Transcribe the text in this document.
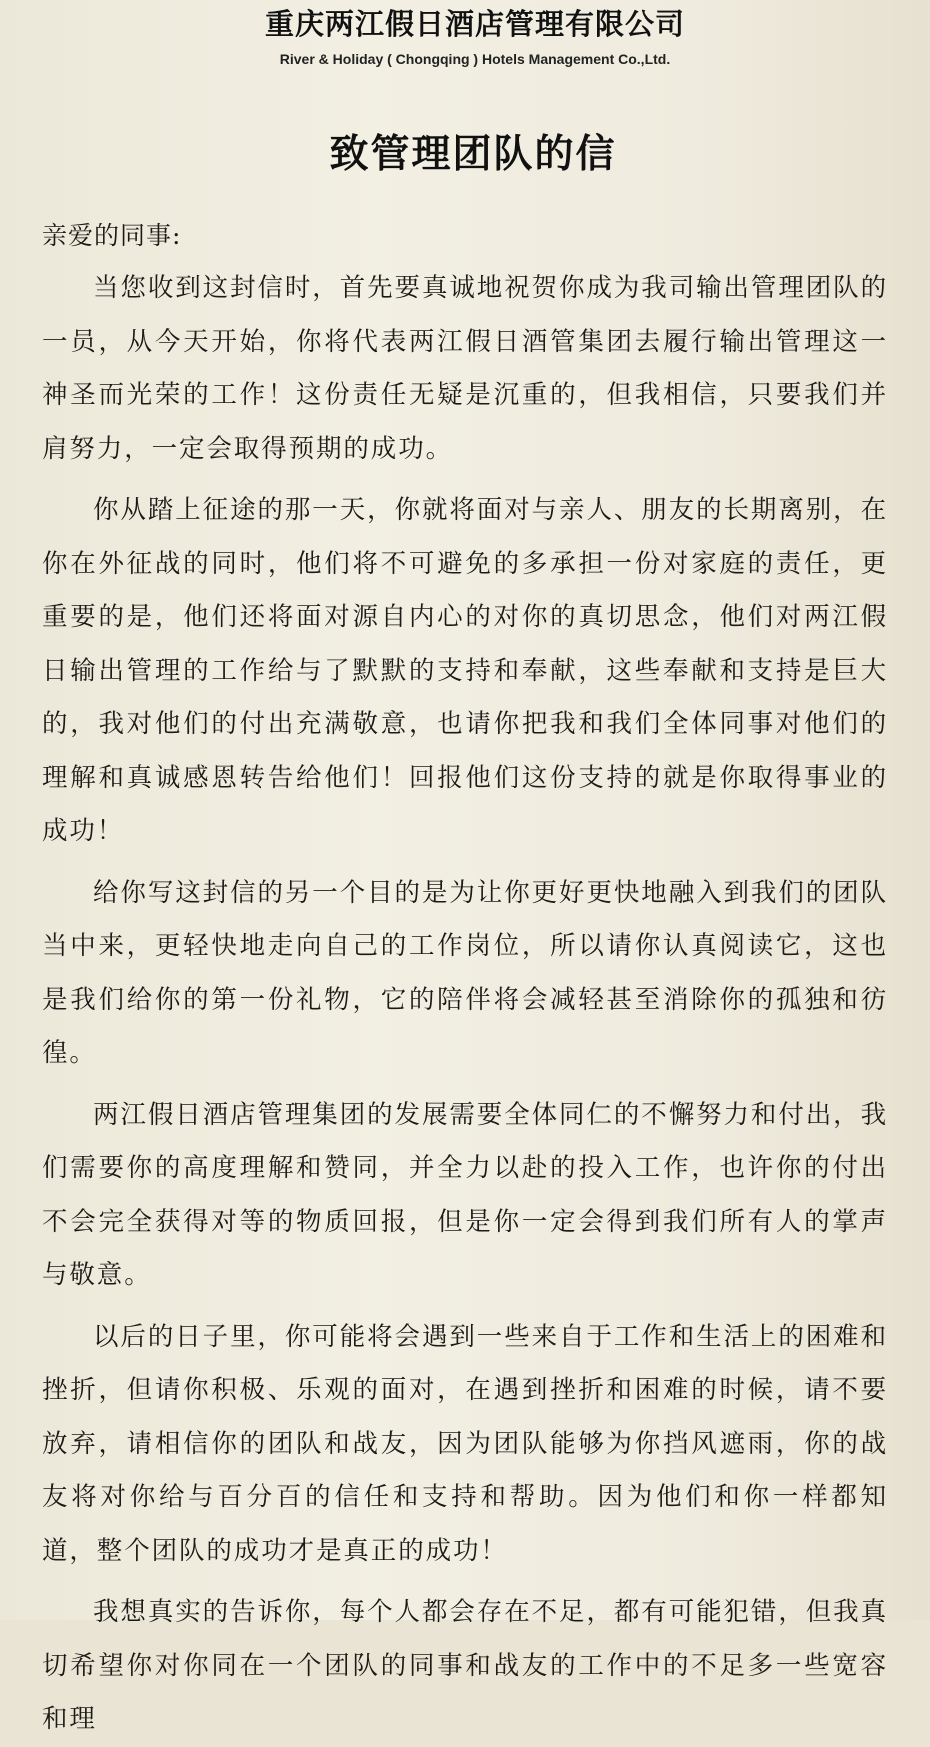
重庆两江假日酒店管理有限公司
River & Holiday ( Chongqing ) Hotels Management Co.,Ltd.
致管理团队的信
亲爱的同事:

当您收到这封信时，首先要真诚地祝贺你成为我司输出管理团队的一员，从今天开始，你将代表两江假日酒管集团去履行输出管理这一神圣而光荣的工作！这份责任无疑是沉重的，但我相信，只要我们并肩努力，一定会取得预期的成功。

你从踏上征途的那一天，你就将面对与亲人、朋友的长期离别，在你在外征战的同时，他们将不可避免的多承担一份对家庭的责任，更重要的是，他们还将面对源自内心的对你的真切思念，他们对两江假日输出管理的工作给与了默默的支持和奉献，这些奉献和支持是巨大的，我对他们的付出充满敬意，也请你把我和我们全体同事对他们的理解和真诚感恩转告给他们！回报他们这份支持的就是你取得事业的成功！

给你写这封信的另一个目的是为让你更好更快地融入到我们的团队当中来，更轻快地走向自己的工作岗位，所以请你认真阅读它，这也是我们给你的第一份礼物，它的陪伴将会减轻甚至消除你的孤独和彷徨。

两江假日酒店管理集团的发展需要全体同仁的不懈努力和付出，我们需要你的高度理解和赞同，并全力以赴的投入工作，也许你的付出不会完全获得对等的物质回报，但是你一定会得到我们所有人的掌声与敬意。

以后的日子里，你可能将会遇到一些来自于工作和生活上的困难和挫折，但请你积极、乐观的面对，在遇到挫折和困难的时候，请不要放弃，请相信你的团队和战友，因为团队能够为你挡风遮雨，你的战友将对你给与百分百的信任和支持和帮助。因为他们和你一样都知道，整个团队的成功才是真正的成功！

我想真实的告诉你，每个人都会存在不足，都有可能犯错，但我真切希望你对你同在一个团队的同事和战友的工作中的不足多一些宽容和理
